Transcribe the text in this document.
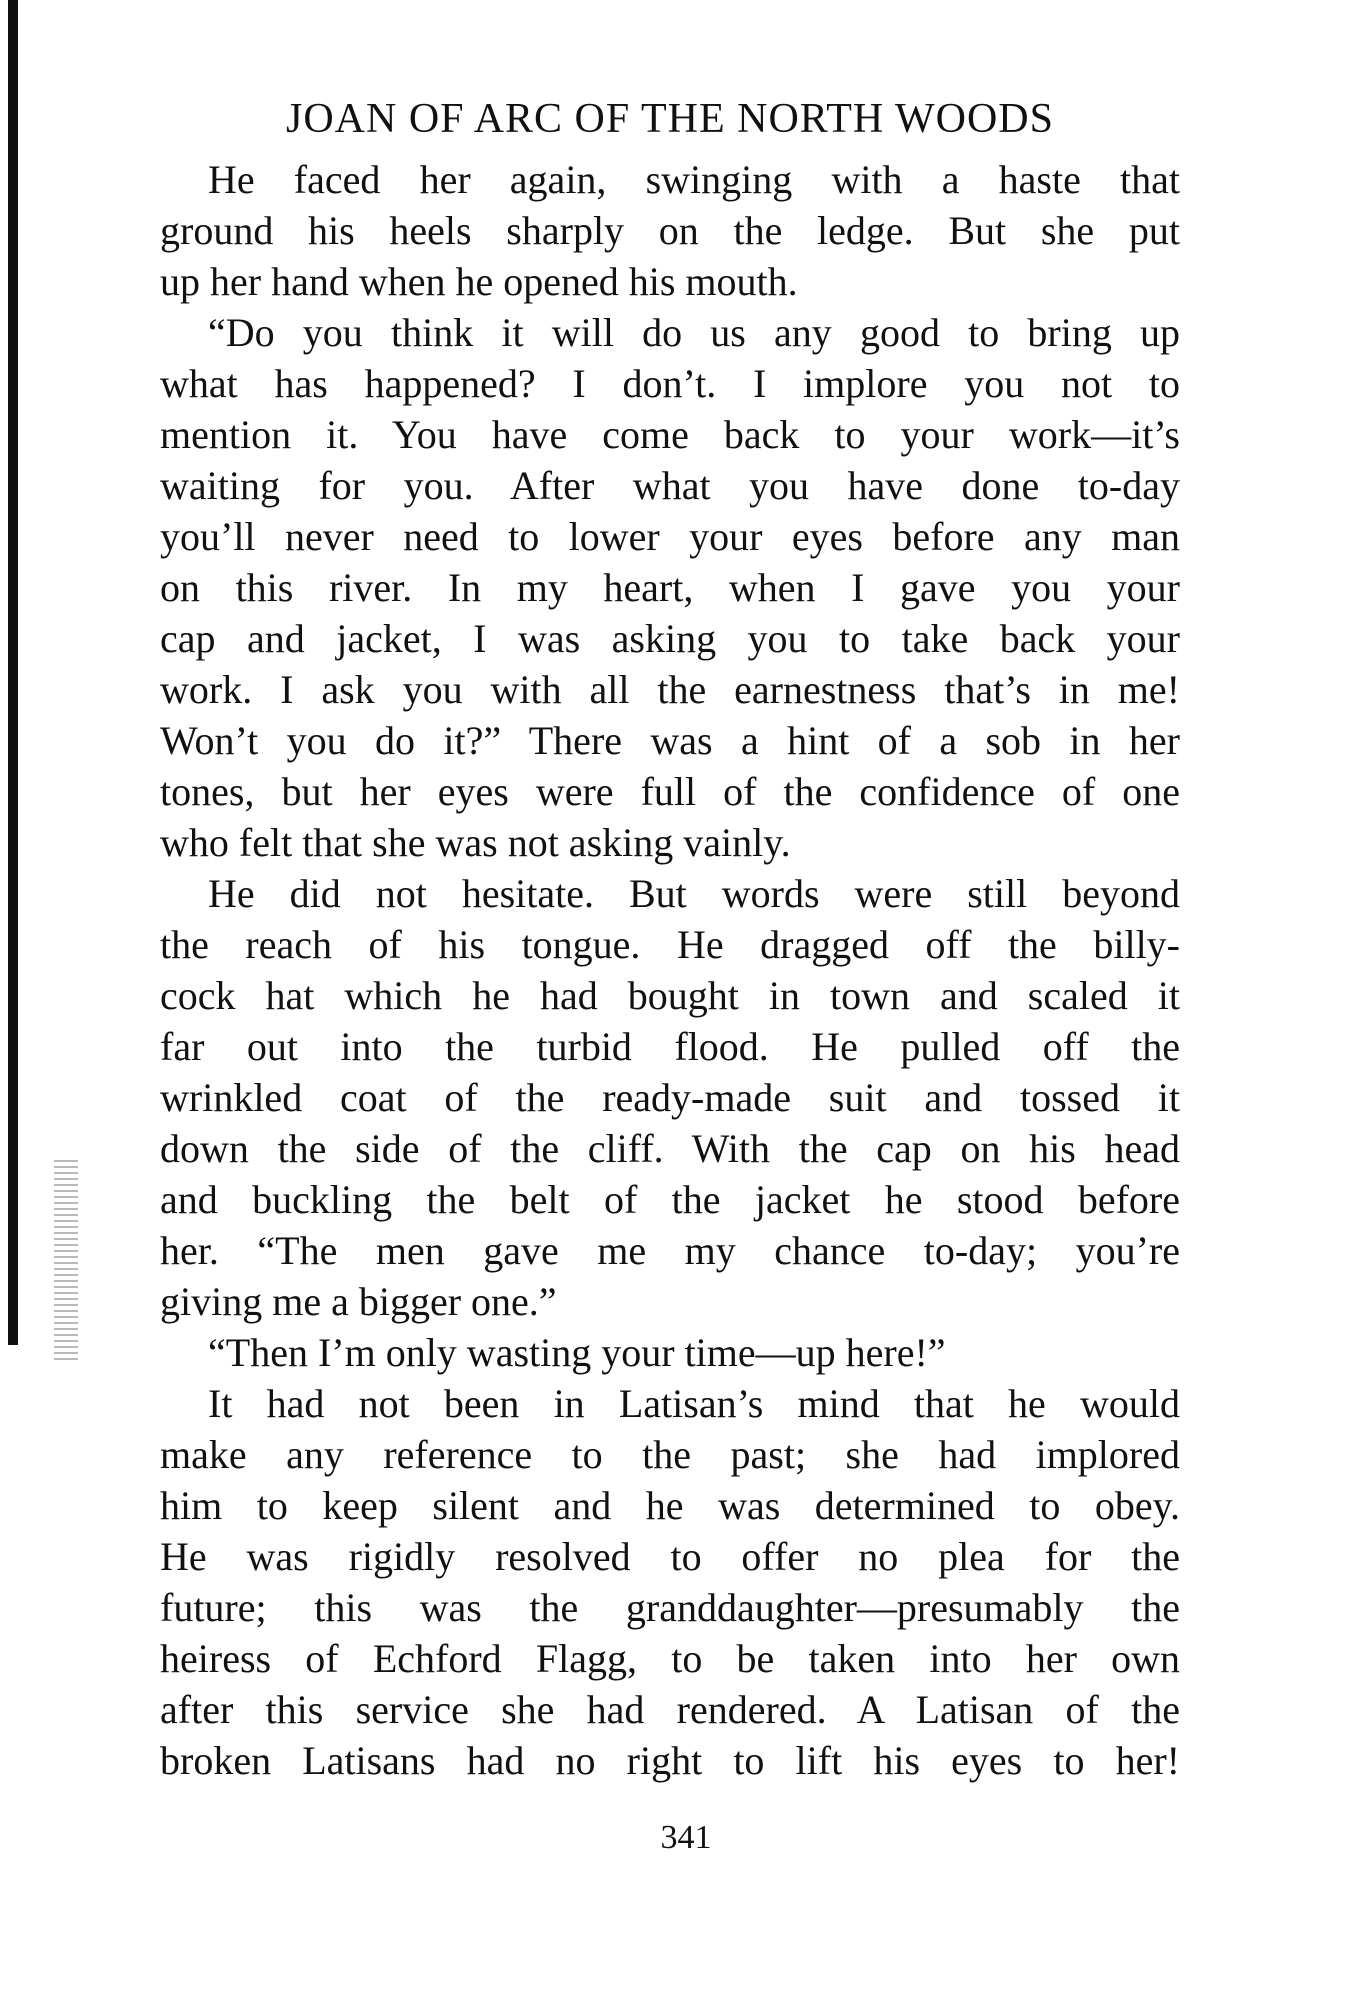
JOAN OF ARC OF THE NORTH WOODS
He faced her again, swinging with a haste that
ground his heels sharply on the ledge. But she put
up her hand when he opened his mouth.
“Do you think it will do us any good to bring up
what has happened? I don’t. I implore you not to
mention it. You have come back to your work—it’s
waiting for you. After what you have done to-day
you’ll never need to lower your eyes before any man
on this river. In my heart, when I gave you your
cap and jacket, I was asking you to take back your
work. I ask you with all the earnestness that’s in me!
Won’t you do it?” There was a hint of a sob in her
tones, but her eyes were full of the confidence of one
who felt that she was not asking vainly.
He did not hesitate. But words were still beyond
the reach of his tongue. He dragged off the billy-
cock hat which he had bought in town and scaled it
far out into the turbid flood. He pulled off the
wrinkled coat of the ready-made suit and tossed it
down the side of the cliff. With the cap on his head
and buckling the belt of the jacket he stood before
her. “The men gave me my chance to-day; you’re
giving me a bigger one.”
“Then I’m only wasting your time—up here!”
It had not been in Latisan’s mind that he would
make any reference to the past; she had implored
him to keep silent and he was determined to obey.
He was rigidly resolved to offer no plea for the
future; this was the granddaughter—presumably the
heiress of Echford Flagg, to be taken into her own
after this service she had rendered. A Latisan of the
broken Latisans had no right to lift his eyes to her!
341
